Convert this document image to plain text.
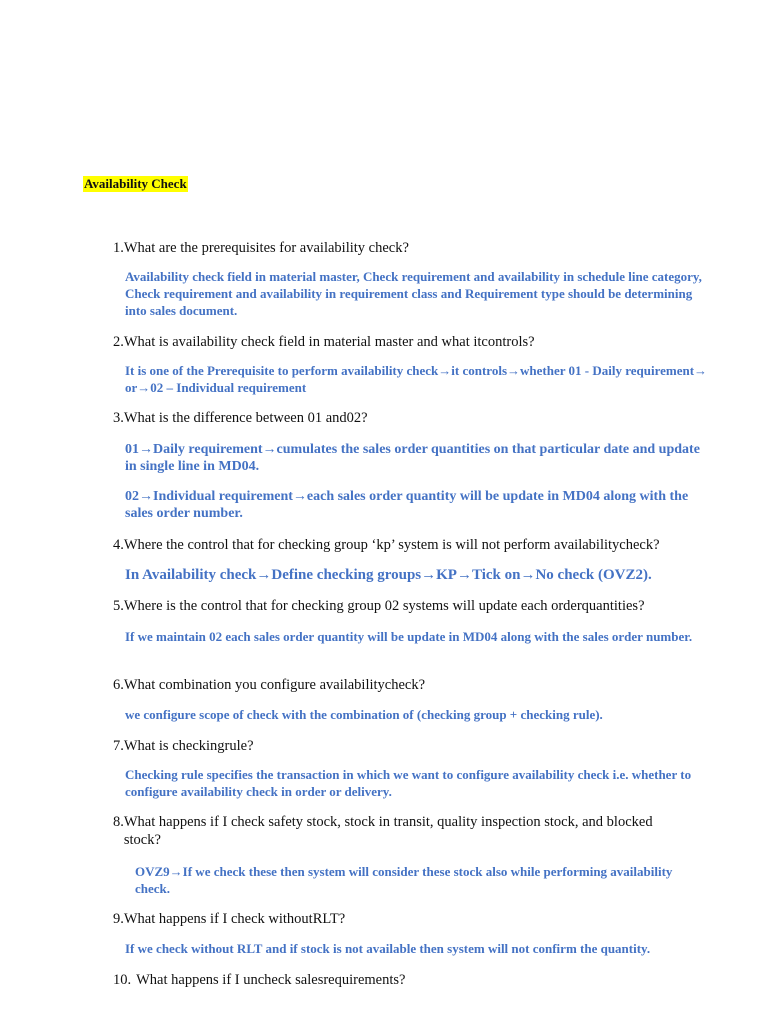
Availability Check
1. What are the prerequisites for availability check?
Availability check field in material master, Check requirement and availability in schedule line category, Check requirement and availability in requirement class and Requirement type should be determining into sales document.
2. What is availability check field in material master and what itcontrols?
It is one of the Prerequisite to perform availability check→it controls→whether 01 - Daily requirement→ or→02 – Individual requirement
3. What is the difference between 01 and02?
01→Daily requirement→cumulates the sales order quantities on that particular date and update in single line in MD04.
02→Individual requirement→each sales order quantity will be update in MD04 along with the sales order number.
4. Where the control that for checking group ‘kp’ system is will not perform availabilitycheck?
In Availability check→Define checking groups→KP→Tick on→No check (OVZ2).
5. Where is the control that for checking group 02 systems will update each orderquantities?
If we maintain 02 each sales order quantity will be update in MD04 along with the sales order number.
6. What combination you configure availabilitycheck?
we configure scope of check with the combination of (checking group + checking rule).
7. What is checkingrule?
Checking rule specifies the transaction in which we want to configure availability check i.e. whether to configure availability check in order or delivery.
8. What happens if I check safety stock, stock in transit, quality inspection stock, and blocked stock?
OVZ9→If we check these then system will consider these stock also while performing availability check.
9. What happens if I check withoutRLT?
If we check without RLT and if stock is not available then system will not confirm the quantity.
10. What happens if I uncheck salesrequirements?
